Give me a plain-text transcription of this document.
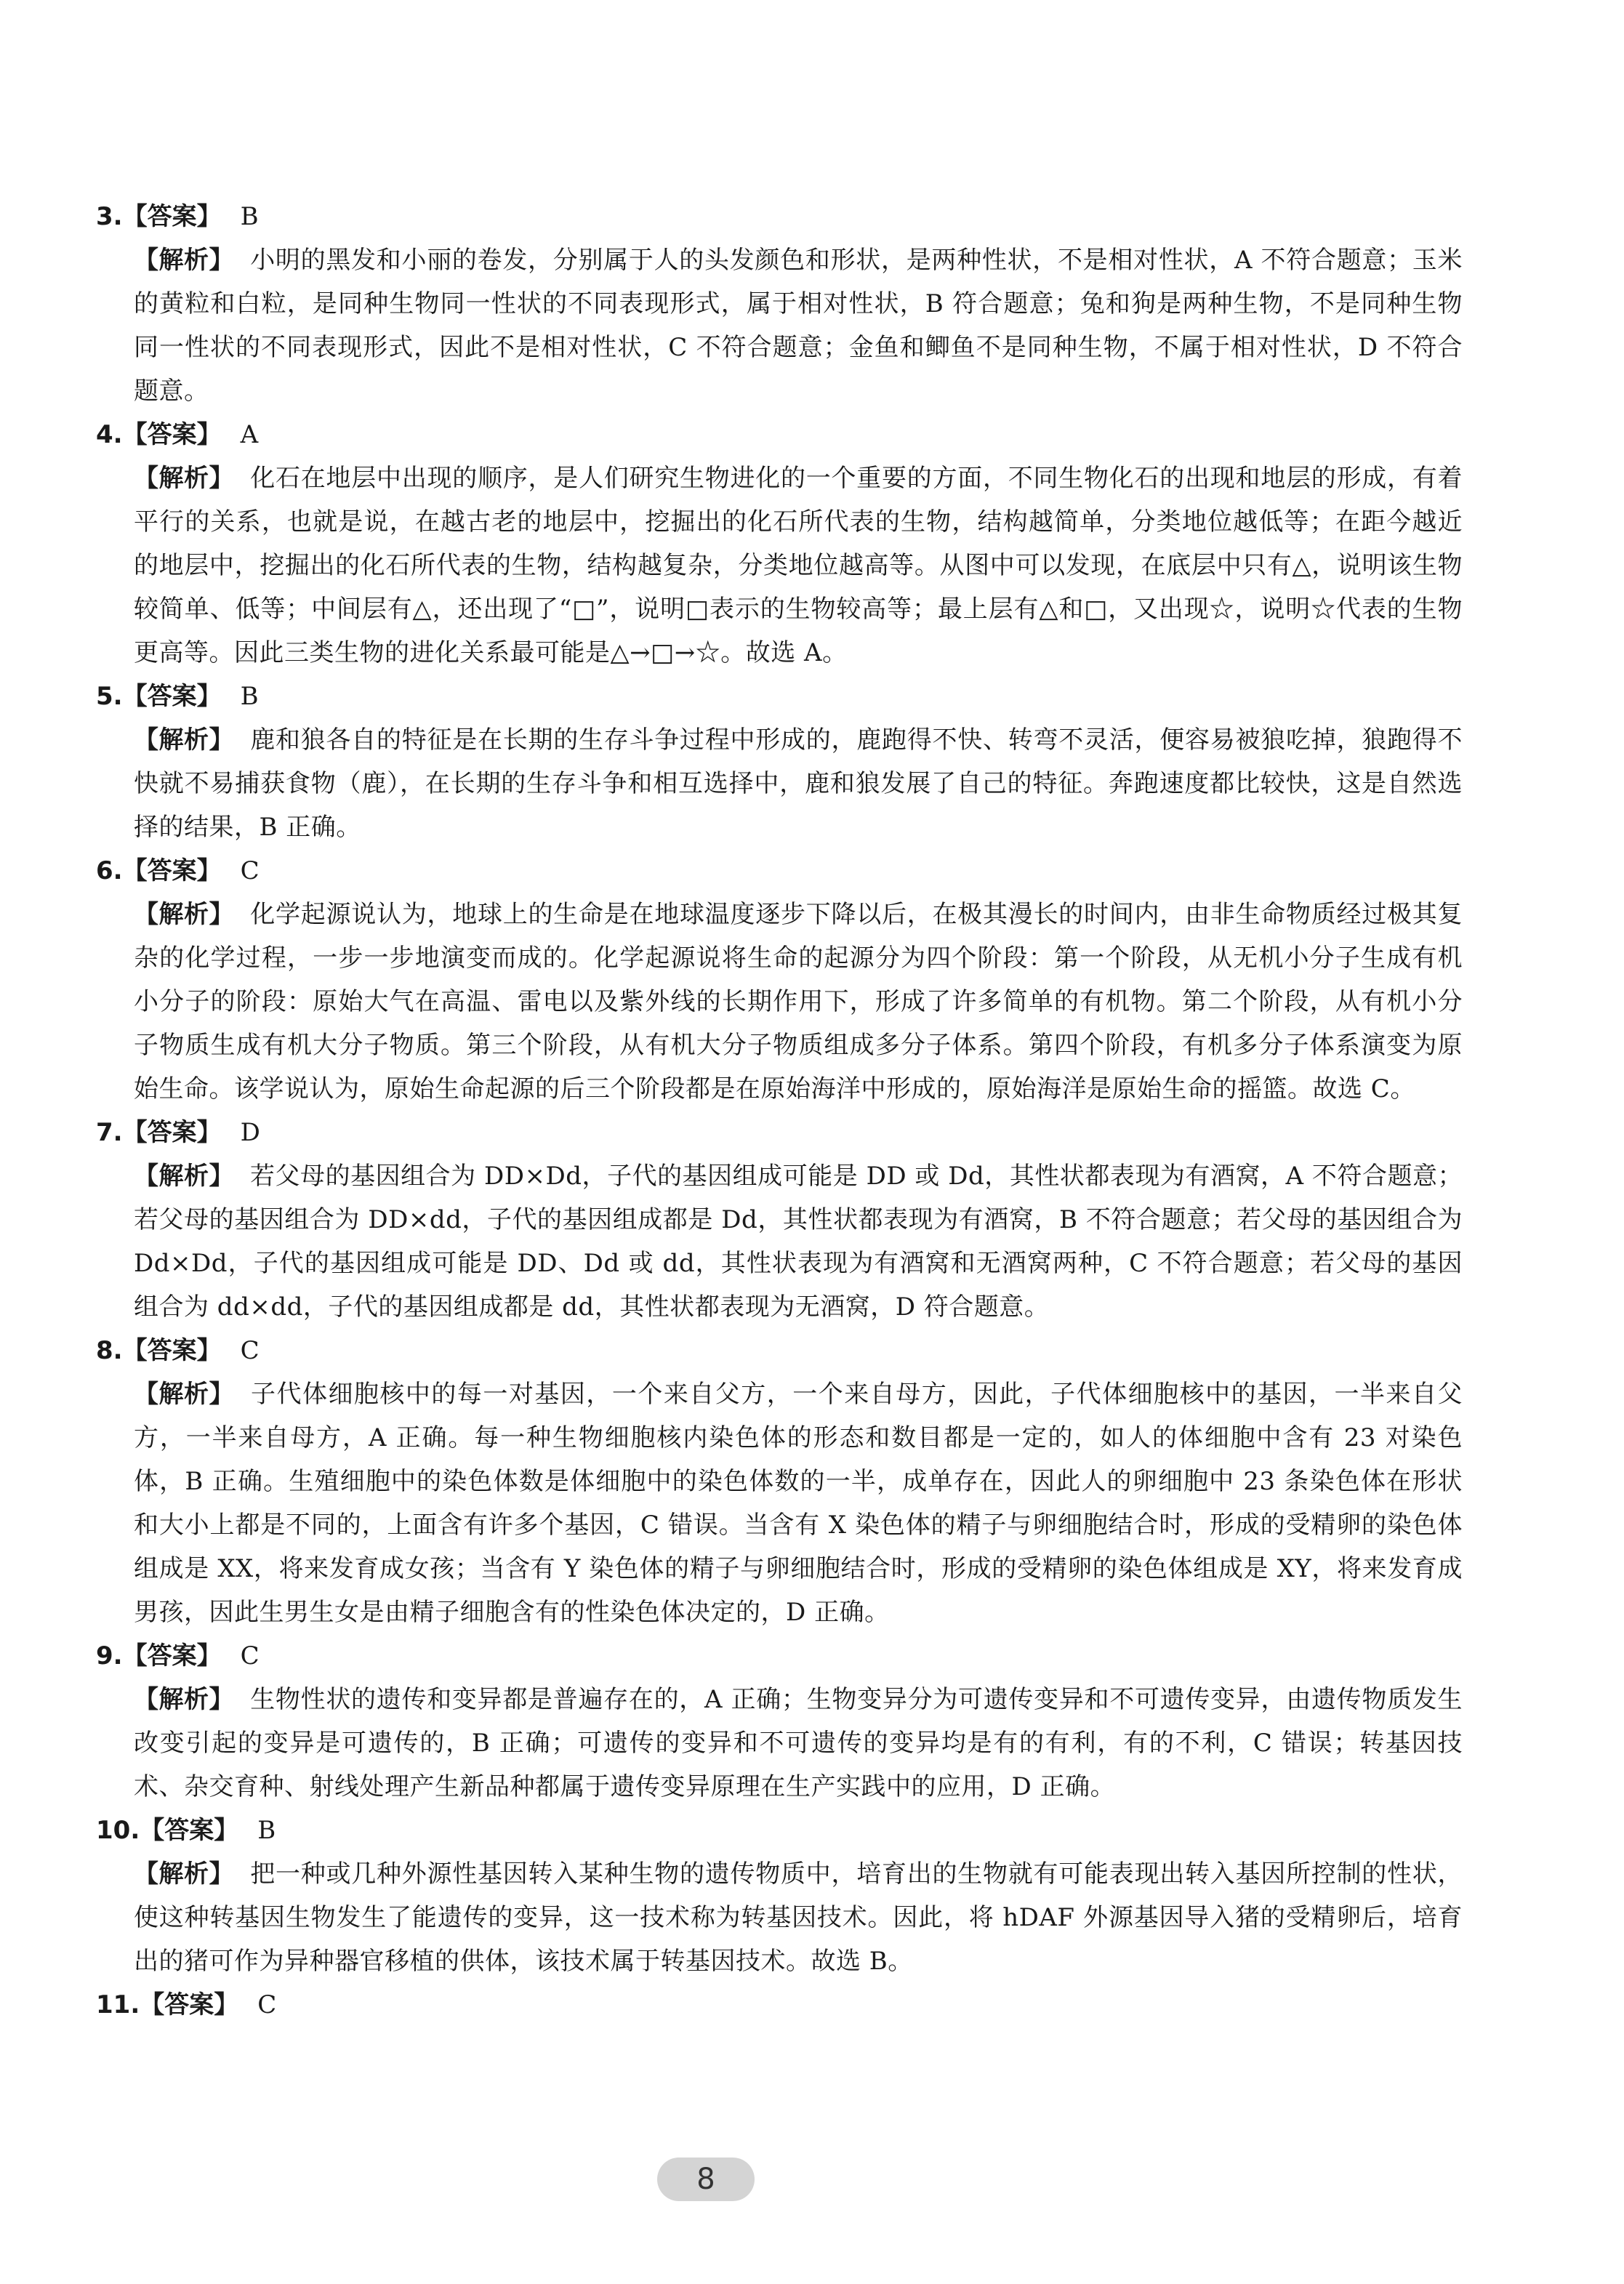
3.【答案】 B
【解析】 小明的黑发和小丽的卷发，分别属于人的头发颜色和形状，是两种性状，不是相对性状，A 不符合题意；玉米的黄粒和白粒，是同种生物同一性状的不同表现形式，属于相对性状，B 符合题意；兔和狗是两种生物，不是同种生物同一性状的不同表现形式，因此不是相对性状，C 不符合题意；金鱼和鲫鱼不是同种生物，不属于相对性状，D 不符合题意。
4.【答案】 A
【解析】 化石在地层中出现的顺序，是人们研究生物进化的一个重要的方面，不同生物化石的出现和地层的形成，有着平行的关系，也就是说，在越古老的地层中，挖掘出的化石所代表的生物，结构越简单，分类地位越低等；在距今越近的地层中，挖掘出的化石所代表的生物，结构越复杂，分类地位越高等。从图中可以发现，在底层中只有△，说明该生物较简单、低等；中间层有△，还出现了“□”，说明□表示的生物较高等；最上层有△和□，又出现☆，说明☆代表的生物更高等。因此三类生物的进化关系最可能是△→□→☆。故选 A。
5.【答案】 B
【解析】 鹿和狼各自的特征是在长期的生存斗争过程中形成的，鹿跑得不快、转弯不灵活，便容易被狼吃掉，狼跑得不快就不易捕获食物（鹿），在长期的生存斗争和相互选择中，鹿和狼发展了自己的特征。奔跑速度都比较快，这是自然选择的结果，B 正确。
6.【答案】 C
【解析】 化学起源说认为，地球上的生命是在地球温度逐步下降以后，在极其漫长的时间内，由非生命物质经过极其复杂的化学过程，一步一步地演变而成的。化学起源说将生命的起源分为四个阶段：第一个阶段，从无机小分子生成有机小分子的阶段：原始大气在高温、雷电以及紫外线的长期作用下，形成了许多简单的有机物。第二个阶段，从有机小分子物质生成有机大分子物质。第三个阶段，从有机大分子物质组成多分子体系。第四个阶段，有机多分子体系演变为原始生命。该学说认为，原始生命起源的后三个阶段都是在原始海洋中形成的，原始海洋是原始生命的摇篮。故选 C。
7.【答案】 D
【解析】 若父母的基因组合为 DD×Dd，子代的基因组成可能是 DD 或 Dd，其性状都表现为有酒窝，A 不符合题意；若父母的基因组合为 DD×dd，子代的基因组成都是 Dd，其性状都表现为有酒窝，B 不符合题意；若父母的基因组合为 Dd×Dd，子代的基因组成可能是 DD、Dd 或 dd，其性状表现为有酒窝和无酒窝两种，C 不符合题意；若父母的基因组合为 dd×dd，子代的基因组成都是 dd，其性状都表现为无酒窝，D 符合题意。
8.【答案】 C
【解析】 子代体细胞核中的每一对基因，一个来自父方，一个来自母方，因此，子代体细胞核中的基因，一半来自父方，一半来自母方，A 正确。每一种生物细胞核内染色体的形态和数目都是一定的，如人的体细胞中含有 23 对染色体，B 正确。生殖细胞中的染色体数是体细胞中的染色体数的一半，成单存在，因此人的卵细胞中 23 条染色体在形状和大小上都是不同的，上面含有许多个基因，C 错误。当含有 X 染色体的精子与卵细胞结合时，形成的受精卵的染色体组成是 XX，将来发育成女孩；当含有 Y 染色体的精子与卵细胞结合时，形成的受精卵的染色体组成是 XY，将来发育成男孩，因此生男生女是由精子细胞含有的性染色体决定的，D 正确。
9.【答案】 C
【解析】 生物性状的遗传和变异都是普遍存在的，A 正确；生物变异分为可遗传变异和不可遗传变异，由遗传物质发生改变引起的变异是可遗传的，B 正确；可遗传的变异和不可遗传的变异均是有的有利，有的不利，C 错误；转基因技术、杂交育种、射线处理产生新品种都属于遗传变异原理在生产实践中的应用，D 正确。
10.【答案】 B
【解析】 把一种或几种外源性基因转入某种生物的遗传物质中，培育出的生物就有可能表现出转入基因所控制的性状，使这种转基因生物发生了能遗传的变异，这一技术称为转基因技术。因此，将 hDAF 外源基因导入猪的受精卵后，培育出的猪可作为异种器官移植的供体，该技术属于转基因技术。故选 B。
11.【答案】 C
8
